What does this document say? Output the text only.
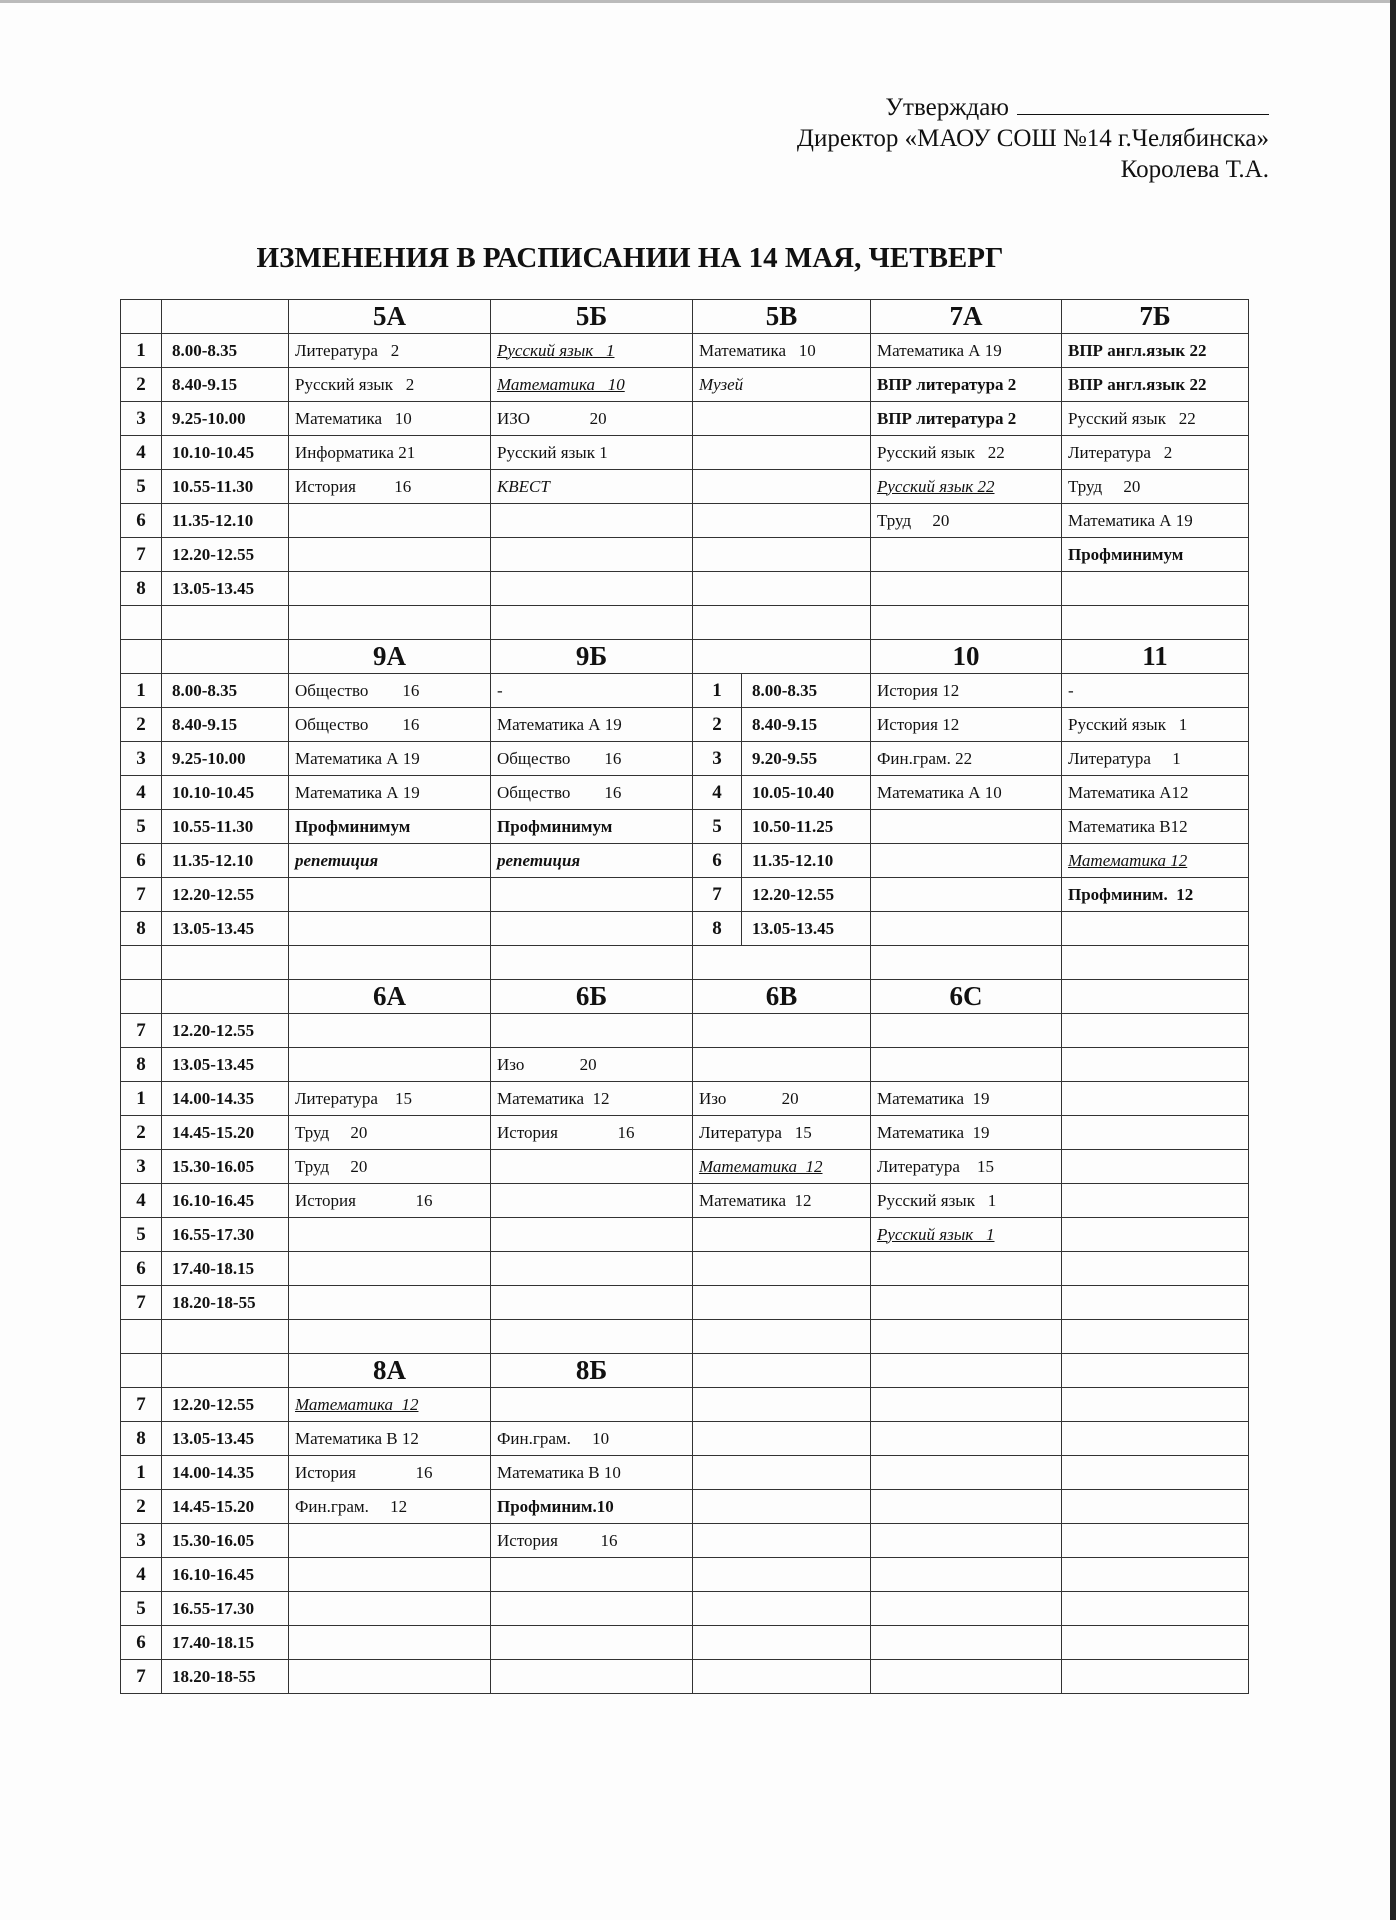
Утверждаю
Директор «МАОУ СОШ №14 г.Челябинска»
Королева Т.А.
ИЗМЕНЕНИЯ В РАСПИСАНИИ НА 14 МАЯ, ЧЕТВЕРГ
		5А	5Б	5В	7А	7Б
1	8.00-8.35	Литература   2	Русский язык   1	Математика   10	Математика А 19	ВПР англ.язык 22
2	8.40-9.15	Русский язык   2	Математика   10	Музей	ВПР литература 2	ВПР англ.язык 22
3	9.25-10.00	Математика   10	ИЗО              20		ВПР литература 2	Русский язык   22
4	10.10-10.45	Информатика 21	Русский язык 1		Русский язык   22	Литература   2
5	10.55-11.30	История         16	КВЕСТ		Русский язык 22	Труд     20
6	11.35-12.10				Труд     20	Математика А 19
7	12.20-12.55					Профминимум
8	13.05-13.45					

		9А	9Б		10	11
1	8.00-8.35	Общество        16	-	1 8.00-8.35	История 12	-
2	8.40-9.15	Общество        16	Математика А 19	2 8.40-9.15	История 12	Русский язык   1
3	9.25-10.00	Математика А 19	Общество        16	3 9.20-9.55	Фин.грам. 22	Литература     1
4	10.10-10.45	Математика А 19	Общество        16	4 10.05-10.40	Математика А 10	Математика А12
5	10.55-11.30	Профминимум	Профминимум	5 10.50-11.25		Математика В12
6	11.35-12.10	репетиция	репетиция	6 11.35-12.10		Математика 12
7	12.20-12.55			7 12.20-12.55		Профминим.  12
8	13.05-13.45			8 13.05-13.45		

		6А	6Б	6В	6С	
7	12.20-12.55					
8	13.05-13.45		Изо             20			
1	14.00-14.35	Литература    15	Математика  12	Изо             20	Математика  19	
2	14.45-15.20	Труд     20	История              16	Литература   15	Математика  19	
3	15.30-16.05	Труд     20		Математика  12	Литература    15	
4	16.10-16.45	История              16		Математика  12	Русский язык   1	
5	16.55-17.30				Русский язык   1	
6	17.40-18.15					
7	18.20-18-55					

		8А	8Б			
7	12.20-12.55	Математика  12				
8	13.05-13.45	Математика В 12	Фин.грам.     10			
1	14.00-14.35	История              16	Математика В 10			
2	14.45-15.20	Фин.грам.     12	Профминим.10			
3	15.30-16.05		История          16			
4	16.10-16.45					
5	16.55-17.30					
6	17.40-18.15					
7	18.20-18-55					
